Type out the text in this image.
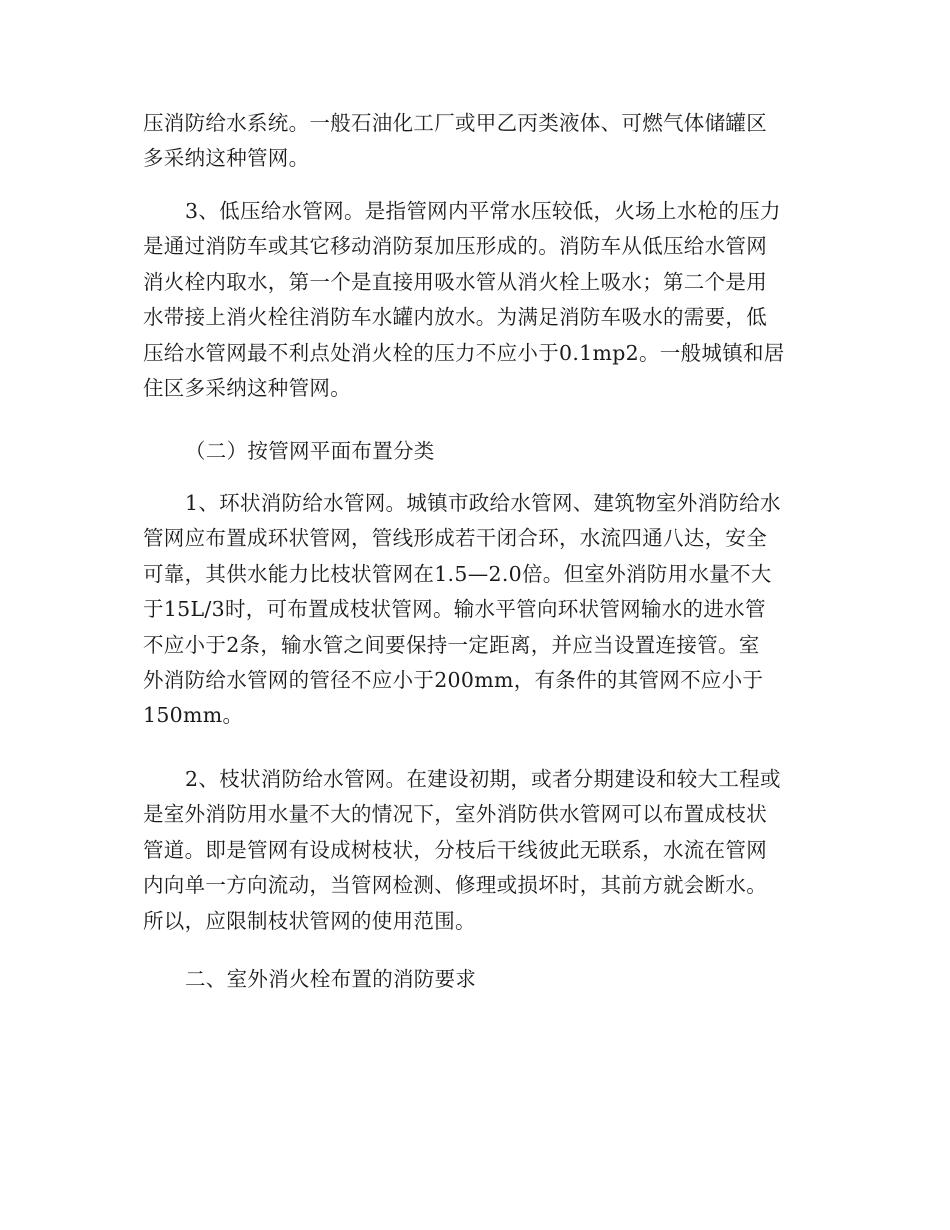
压消防给水系统。一般石油化工厂或甲乙丙类液体、可燃气体储罐区
多采纳这种管网。
3、低压给水管网。是指管网内平常水压较低，火场上水枪的压力
是通过消防车或其它移动消防泵加压形成的。消防车从低压给水管网
消火栓内取水，第一个是直接用吸水管从消火栓上吸水；第二个是用
水带接上消火栓往消防车水罐内放水。为满足消防车吸水的需要，低
压给水管网最不利点处消火栓的压力不应小于0.1mp2。一般城镇和居
住区多采纳这种管网。
（二）按管网平面布置分类
1、环状消防给水管网。城镇市政给水管网、建筑物室外消防给水
管网应布置成环状管网，管线形成若干闭合环，水流四通八达，安全
可靠，其供水能力比枝状管网在1.5—2.0倍。但室外消防用水量不大
于15L/3时，可布置成枝状管网。输水平管向环状管网输水的进水管
不应小于2条，输水管之间要保持一定距离，并应当设置连接管。室
外消防给水管网的管径不应小于200mm，有条件的其管网不应小于
150mm。
2、枝状消防给水管网。在建设初期，或者分期建设和较大工程或
是室外消防用水量不大的情况下，室外消防供水管网可以布置成枝状
管道。即是管网有设成树枝状，分枝后干线彼此无联系，水流在管网
内向单一方向流动，当管网检测、修理或损坏时，其前方就会断水。
所以，应限制枝状管网的使用范围。
二、室外消火栓布置的消防要求
